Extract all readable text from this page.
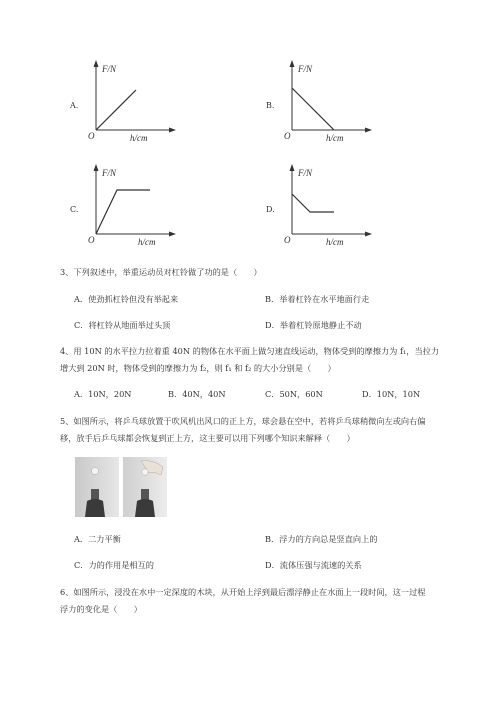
A.
F/N
h/cm
O
B.
F/N
h/cm
O
C.
F/N
h/cm
O
D.
F/N
h/cm
O
3、下列叙述中，举重运动员对杠铃做了功的是（　　）
A．使劲抓杠铃但没有举起来	B．举着杠铃在水平地面行走
C．将杠铃从地面举过头顶	D．举着杠铃原地静止不动
4、用 10N 的水平拉力拉着重 40N 的物体在水平面上做匀速直线运动，物体受到的摩擦力为 f₁，当拉力
增大到 20N 时，物体受到的摩擦力为 f₂，则 f₁ 和 f₂ 的大小分别是（　　）
A．10N，20N	B．40N，40N	C．50N，60N	D．10N，10N
5、如图所示，将乒乓球放置于吹风机出风口的正上方，球会悬在空中，若将乒乓球稍微向左或向右偏
移，放手后乒乓球都会恢复到正上方，这主要可以用下列哪个知识来解释（　　）
A．二力平衡	B．浮力的方向总是竖直向上的
C．力的作用是相互的	D．流体压强与流速的关系
6、如图所示，浸没在水中一定深度的木块，从开始上浮到最后漂浮静止在水面上一段时间，这一过程
浮力的变化是（　　）
